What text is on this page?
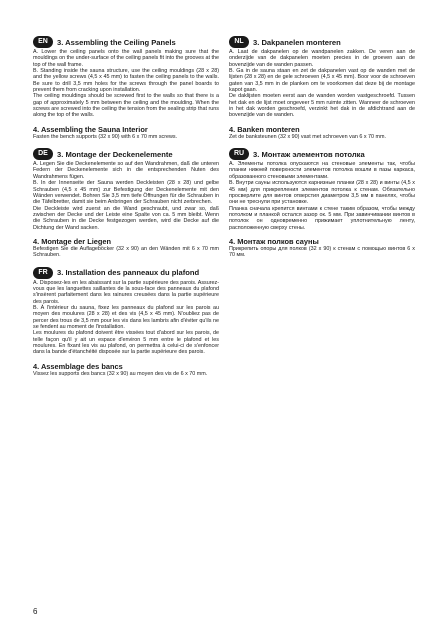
EN	3. Assembling the Ceiling Panels

A. Lower the ceiling panels onto the wall panels making sure that the mouldings on the under-surface of the ceiling panels fit into the grooves at the top of the wall frame.

B. Standing inside the sauna structure, use the ceiling mouldings (28 x 28) and the yellow screws (4,5 x 45 mm) to fasten the ceiling panels to the walls. Be sure to drill 3,5 mm holes for the screws through the panel boards to prevent them from cracking upon installation.

The ceiling mouldings should be screwed first to the walls so that there is a gap of approximately 5 mm between the ceiling and the moulding. When the screws are screwed into the ceiling the tension from the sealing strip that runs along the top of the walls.

4. Assembling the Sauna Interior

Fasten the bench supports (32 x 90) with 6 x 70 mm screws.

DE	3. Montage der Deckenelemente

A. Legen Sie die Deckenelemente so auf den Wandrahmen, daß die unteren Federn der Deckenelemente sich in die entsprechenden Nuten des Wandrahmens fügen.

B. In der Innenseite der Sauna werden Deckleisten (28 x 28) und gelbe Schrauben (4,5 x 45 mm) zur Befestigung der Deckenelemente mit den Wänden verwendet. Bohren Sie 3,5 mm tiefe Öffnungen für die Schrauben in die Täfelbretter, damit sie beim Anbringen der Schrauben nicht zerbrechen.

Die Deckleiste wird zuerst an die Wand geschraubt, und zwar so, daß zwischen der Decke und der Leiste eine Spalte von ca. 5 mm bleibt. Wenn die Schrauben in die Decke festgezogen werden, wird die Decke auf die Dichtung der Wand sacken.

4. Montage der Liegen

Befestigen Sie die Auflageböcker (32 x 90) an den Wänden mit 6 x 70 mm Schrauben.

FR	3. Installation des panneaux du plafond

A. Disposez-les en les abaissant sur la partie supérieure des parois. Assurez-vous que les languettes saillantes de la sous-face des panneaux du plafond s'insèrent parfaitement dans les rainures creusées dans la partie supérieure des parois.

B. À l'intérieur du sauna, fixez les panneaux du plafond sur les parois au moyen des moulures (28 x 28) et des vis (4,5 x 45 mm). N'oubliez pas de percer des trous de 3,5 mm pour les vis dans les lambris afin d'éviter qu'ils ne se fendent au moment de l'installation.

Les moulures du plafond doivent être vissées tout d'abord sur les parois, de telle façon qu'il y ait un espace d'environ 5 mm entre le plafond et les moulures. En fixant les vis au plafond, on permettra à celui-ci de s'enfoncer dans la bande d'étanchéité disposée sur la partie supérieure des parois.

4. Assemblage des bancs

Vissez les supports des bancs (32 x 90) au moyen des vis de 6 x 70 mm.

NL	3. Dakpanelen monteren

A. Laat de dakpanelen op de wandpanelen zakken. De veren aan de onderzijde van de dakpanelen moeten precies in de groeven aan de bovenzijde van de wanden passen.

B. Ga in de sauna staan en zet de dakpanelen vast op de wanden met de lijsten (28 x 28) en de gele schroeven (4,5 x 45 mm). Boor voor de schroeven gaten van 3,5 mm in de planken om te voorkomen dat deze bij de montage kapot gaan.

De daklijsten moeten eerst aan de wanden worden vastgeschroefd. Tussen het dak en de lijst moet ongeveer 5 mm ruimte zitten. Wanneer de schroeven in het dak worden geschroefd, verzinkt het dak in de afdichtrand aan de bovenzijde van de wanden.

4. Banken monteren

Zet de banksteunen (32 x 90) vast met schroeven van 6 x 70 mm.

RU	3. Монтаж элементов потолка

А. Элементы потолка опускаются на стеновые элементы так, чтобы планки нижней поверхности элементов потолка вошли в пазы каркаса, образованного стеновыми элементами.

В. Внутри сауны используются карнизные планки (28 x 28) и винты (4,5 x 45 мм) для прикрепления элементов потолка к стенам. Обязательно просверлите для винтов отверстия диаметром 3,5 мм в панелях, чтобы они не треснули при установке.

Планка сначала крепится винтами к стене таким образом, чтобы между потолком и планкой остался зазор ок. 5 мм. При завинчивании винтов в потолок он одновременно прижимает уплотнительную ленту, расположенную сверху стены.

4. Монтаж полков сауны

Прикрепить опоры для полков (32 x 90) к стенам с помощью винтов 6 x 70 мм.

6
